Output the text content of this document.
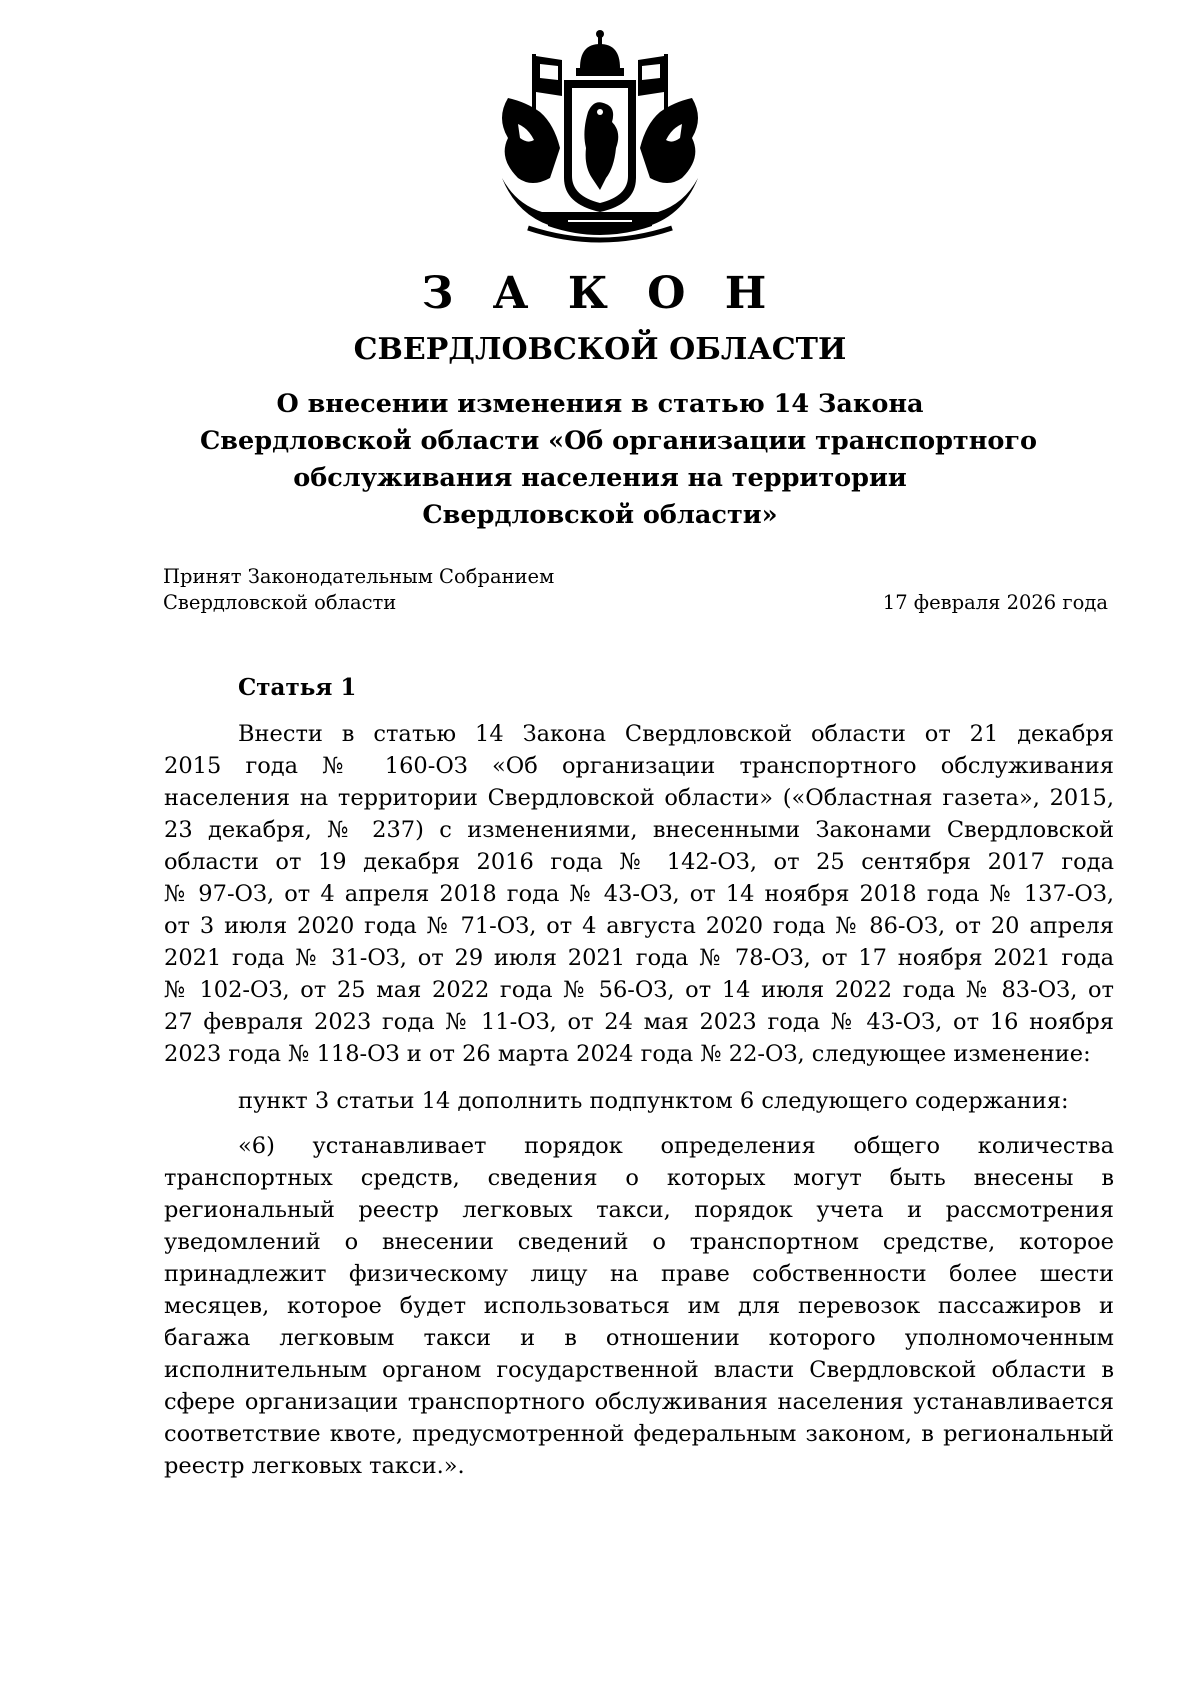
З А К О Н
СВЕРДЛОВСКОЙ ОБЛАСТИ
О внесении изменения в статью 14 Закона
Свердловской области «Об организации транспортного
обслуживания населения на территории
Свердловской области»
Принят Законодательным Собранием
Свердловской области	17 февраля 2026 года
Статья 1
Внести в статью 14 Закона Свердловской области от 21 декабря
2015 года № 160-ОЗ «Об организации транспортного обслуживания
населения на территории Свердловской области» («Областная газета», 2015,
23 декабря, № 237) с изменениями, внесенными Законами Свердловской
области от 19 декабря 2016 года № 142-ОЗ, от 25 сентября 2017 года
№ 97-ОЗ, от 4 апреля 2018 года № 43-ОЗ, от 14 ноября 2018 года № 137-ОЗ,
от 3 июля 2020 года № 71-ОЗ, от 4 августа 2020 года № 86-ОЗ, от 20 апреля
2021 года № 31-ОЗ, от 29 июля 2021 года № 78-ОЗ, от 17 ноября 2021 года
№ 102-ОЗ, от 25 мая 2022 года № 56-ОЗ, от 14 июля 2022 года № 83-ОЗ, от
27 февраля 2023 года № 11-ОЗ, от 24 мая 2023 года № 43-ОЗ, от 16 ноября
2023 года № 118-ОЗ и от 26 марта 2024 года № 22-ОЗ, следующее изменение:
пункт 3 статьи 14 дополнить подпунктом 6 следующего содержания:
«6) устанавливает порядок определения общего количества
транспортных средств, сведения о которых могут быть внесены в
региональный реестр легковых такси, порядок учета и рассмотрения
уведомлений о внесении сведений о транспортном средстве, которое
принадлежит физическому лицу на праве собственности более шести
месяцев, которое будет использоваться им для перевозок пассажиров и
багажа легковым такси и в отношении которого уполномоченным
исполнительным органом государственной власти Свердловской области в
сфере организации транспортного обслуживания населения устанавливается
соответствие квоте, предусмотренной федеральным законом, в региональный
реестр легковых такси.».
